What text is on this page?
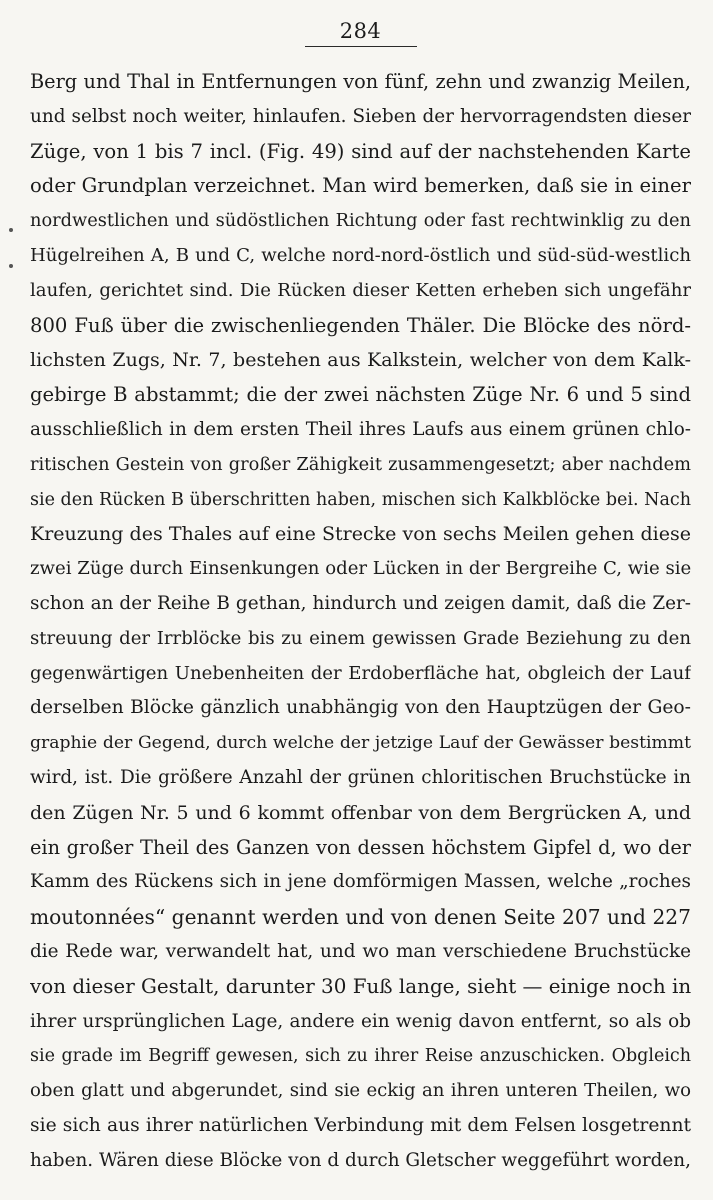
284

Berg und Thal in Entfernungen von fünf, zehn und zwanzig Meilen,
und selbst noch weiter, hinlaufen. Sieben der hervorragendsten dieser
Züge, von 1 bis 7 incl. (Fig. 49) sind auf der nachstehenden Karte
oder Grundplan verzeichnet. Man wird bemerken, daß sie in einer
nordwestlichen und südöstlichen Richtung oder fast rechtwinklig zu den
Hügelreihen A, B und C, welche nord-nord-östlich und süd-süd-westlich
laufen, gerichtet sind. Die Rücken dieser Ketten erheben sich ungefähr
800 Fuß über die zwischenliegenden Thäler. Die Blöcke des nörd-
lichsten Zugs, Nr. 7, bestehen aus Kalkstein, welcher von dem Kalk-
gebirge B abstammt; die der zwei nächsten Züge Nr. 6 und 5 sind
ausschließlich in dem ersten Theil ihres Laufs aus einem grünen chlo-
ritischen Gestein von großer Zähigkeit zusammengesetzt; aber nachdem
sie den Rücken B überschritten haben, mischen sich Kalkblöcke bei. Nach
Kreuzung des Thales auf eine Strecke von sechs Meilen gehen diese
zwei Züge durch Einsenkungen oder Lücken in der Bergreihe C, wie sie
schon an der Reihe B gethan, hindurch und zeigen damit, daß die Zer-
streuung der Irrblöcke bis zu einem gewissen Grade Beziehung zu den
gegenwärtigen Unebenheiten der Erdoberfläche hat, obgleich der Lauf
derselben Blöcke gänzlich unabhängig von den Hauptzügen der Geo-
graphie der Gegend, durch welche der jetzige Lauf der Gewässer bestimmt
wird, ist. Die größere Anzahl der grünen chloritischen Bruchstücke in
den Zügen Nr. 5 und 6 kommt offenbar von dem Bergrücken A, und
ein großer Theil des Ganzen von dessen höchstem Gipfel d, wo der
Kamm des Rückens sich in jene domförmigen Massen, welche „roches
moutonnées“ genannt werden und von denen Seite 207 und 227
die Rede war, verwandelt hat, und wo man verschiedene Bruchstücke
von dieser Gestalt, darunter 30 Fuß lange, sieht — einige noch in
ihrer ursprünglichen Lage, andere ein wenig davon entfernt, so als ob
sie grade im Begriff gewesen, sich zu ihrer Reise anzuschicken. Obgleich
oben glatt und abgerundet, sind sie eckig an ihren unteren Theilen, wo
sie sich aus ihrer natürlichen Verbindung mit dem Felsen losgetrennt
haben. Wären diese Blöcke von d durch Gletscher weggeführt worden,
